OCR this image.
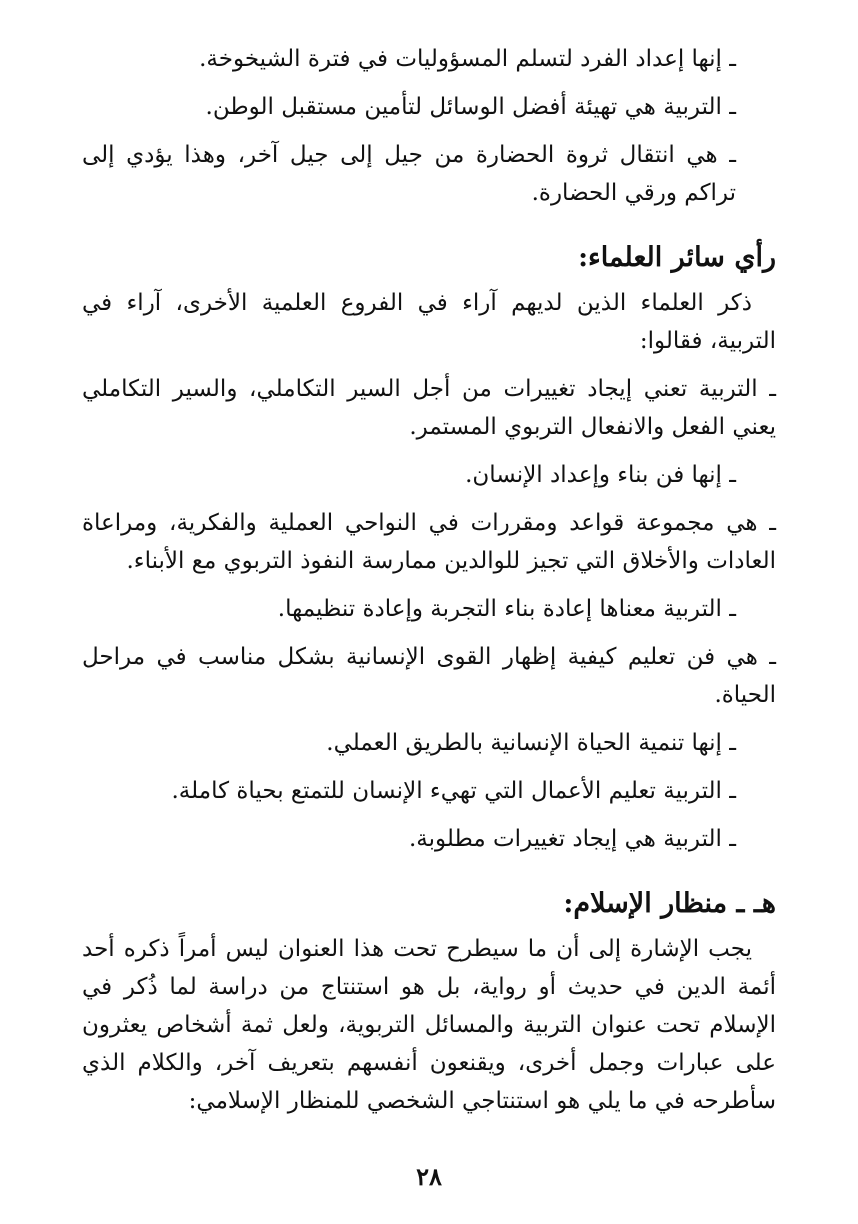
ـ إنها إعداد الفرد لتسلم المسؤوليات في فترة الشيخوخة.

ـ التربية هي تهيئة أفضل الوسائل لتأمين مستقبل الوطن.

ـ هي انتقال ثروة الحضارة من جيل إلى جيل آخر، وهذا يؤدي إلى تراكم ورقي الحضارة.

رأي سائر العلماء:

ذكر العلماء الذين لديهم آراء في الفروع العلمية الأخرى، آراء في التربية، فقالوا:

ـ التربية تعني إيجاد تغييرات من أجل السير التكاملي، والسير التكاملي يعني الفعل والانفعال التربوي المستمر.

ـ إنها فن بناء وإعداد الإنسان.

ـ هي مجموعة قواعد ومقررات في النواحي العملية والفكرية، ومراعاة العادات والأخلاق التي تجيز للوالدين ممارسة النفوذ التربوي مع الأبناء.

ـ التربية معناها إعادة بناء التجربة وإعادة تنظيمها.

ـ هي فن تعليم كيفية إظهار القوى الإنسانية بشكل مناسب في مراحل الحياة.

ـ إنها تنمية الحياة الإنسانية بالطريق العملي.

ـ التربية تعليم الأعمال التي تهيء الإنسان للتمتع بحياة كاملة.

ـ التربية هي إيجاد تغييرات مطلوبة.

هـ ـ منظار الإسلام:

يجب الإشارة إلى أن ما سيطرح تحت هذا العنوان ليس أمراً ذكره أحد أئمة الدين في حديث أو رواية، بل هو استنتاج من دراسة لما ذُكر في الإسلام تحت عنوان التربية والمسائل التربوية، ولعل ثمة أشخاص يعثرون على عبارات وجمل أخرى، ويقنعون أنفسهم بتعريف آخر، والكلام الذي سأطرحه في ما يلي هو استنتاجي الشخصي للمنظار الإسلامي:

٢٨
